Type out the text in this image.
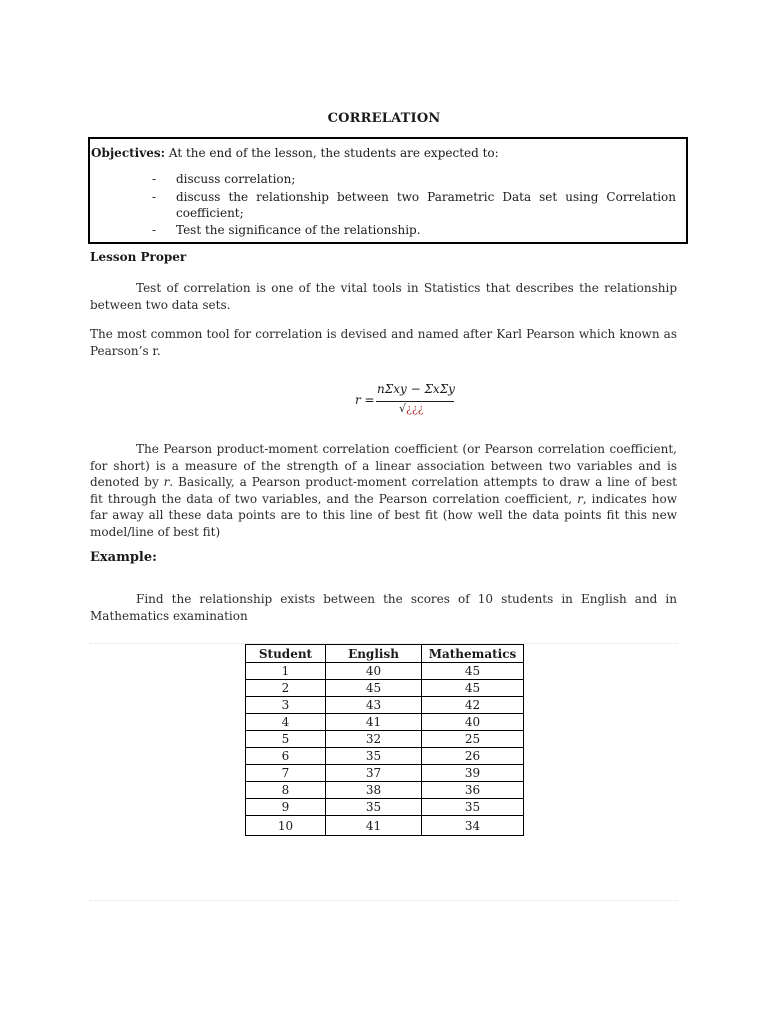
CORRELATION
Objectives: At the end of the lesson, the students are expected to:
-	discuss correlation;
-	discuss the relationship between two Parametric Data set using Correlation coefficient;
-	Test the significance of the relationship.
Lesson Proper
Test of correlation is one of the vital tools in Statistics that describes the relationship between two data sets.
The most common tool for correlation is devised and named after Karl Pearson which known as Pearson’s r.
r =
nΣxy − ΣxΣy
√¿¿¿
The Pearson product-moment correlation coefficient (or Pearson correlation coefficient, for short) is a measure of the strength of a linear association between two variables and is denoted by r. Basically, a Pearson product-moment correlation attempts to draw a line of best fit through the data of two variables, and the Pearson correlation coefficient, r, indicates how far away all these data points are to this line of best fit (how well the data points fit this new model/line of best fit)
Example:
Find the relationship exists between the scores of 10 students in English and in Mathematics examination
Student	English	Mathematics
1	40	45
2	45	45
3	43	42
4	41	40
5	32	25
6	35	26
7	37	39
8	38	36
9	35	35
10	41	34
